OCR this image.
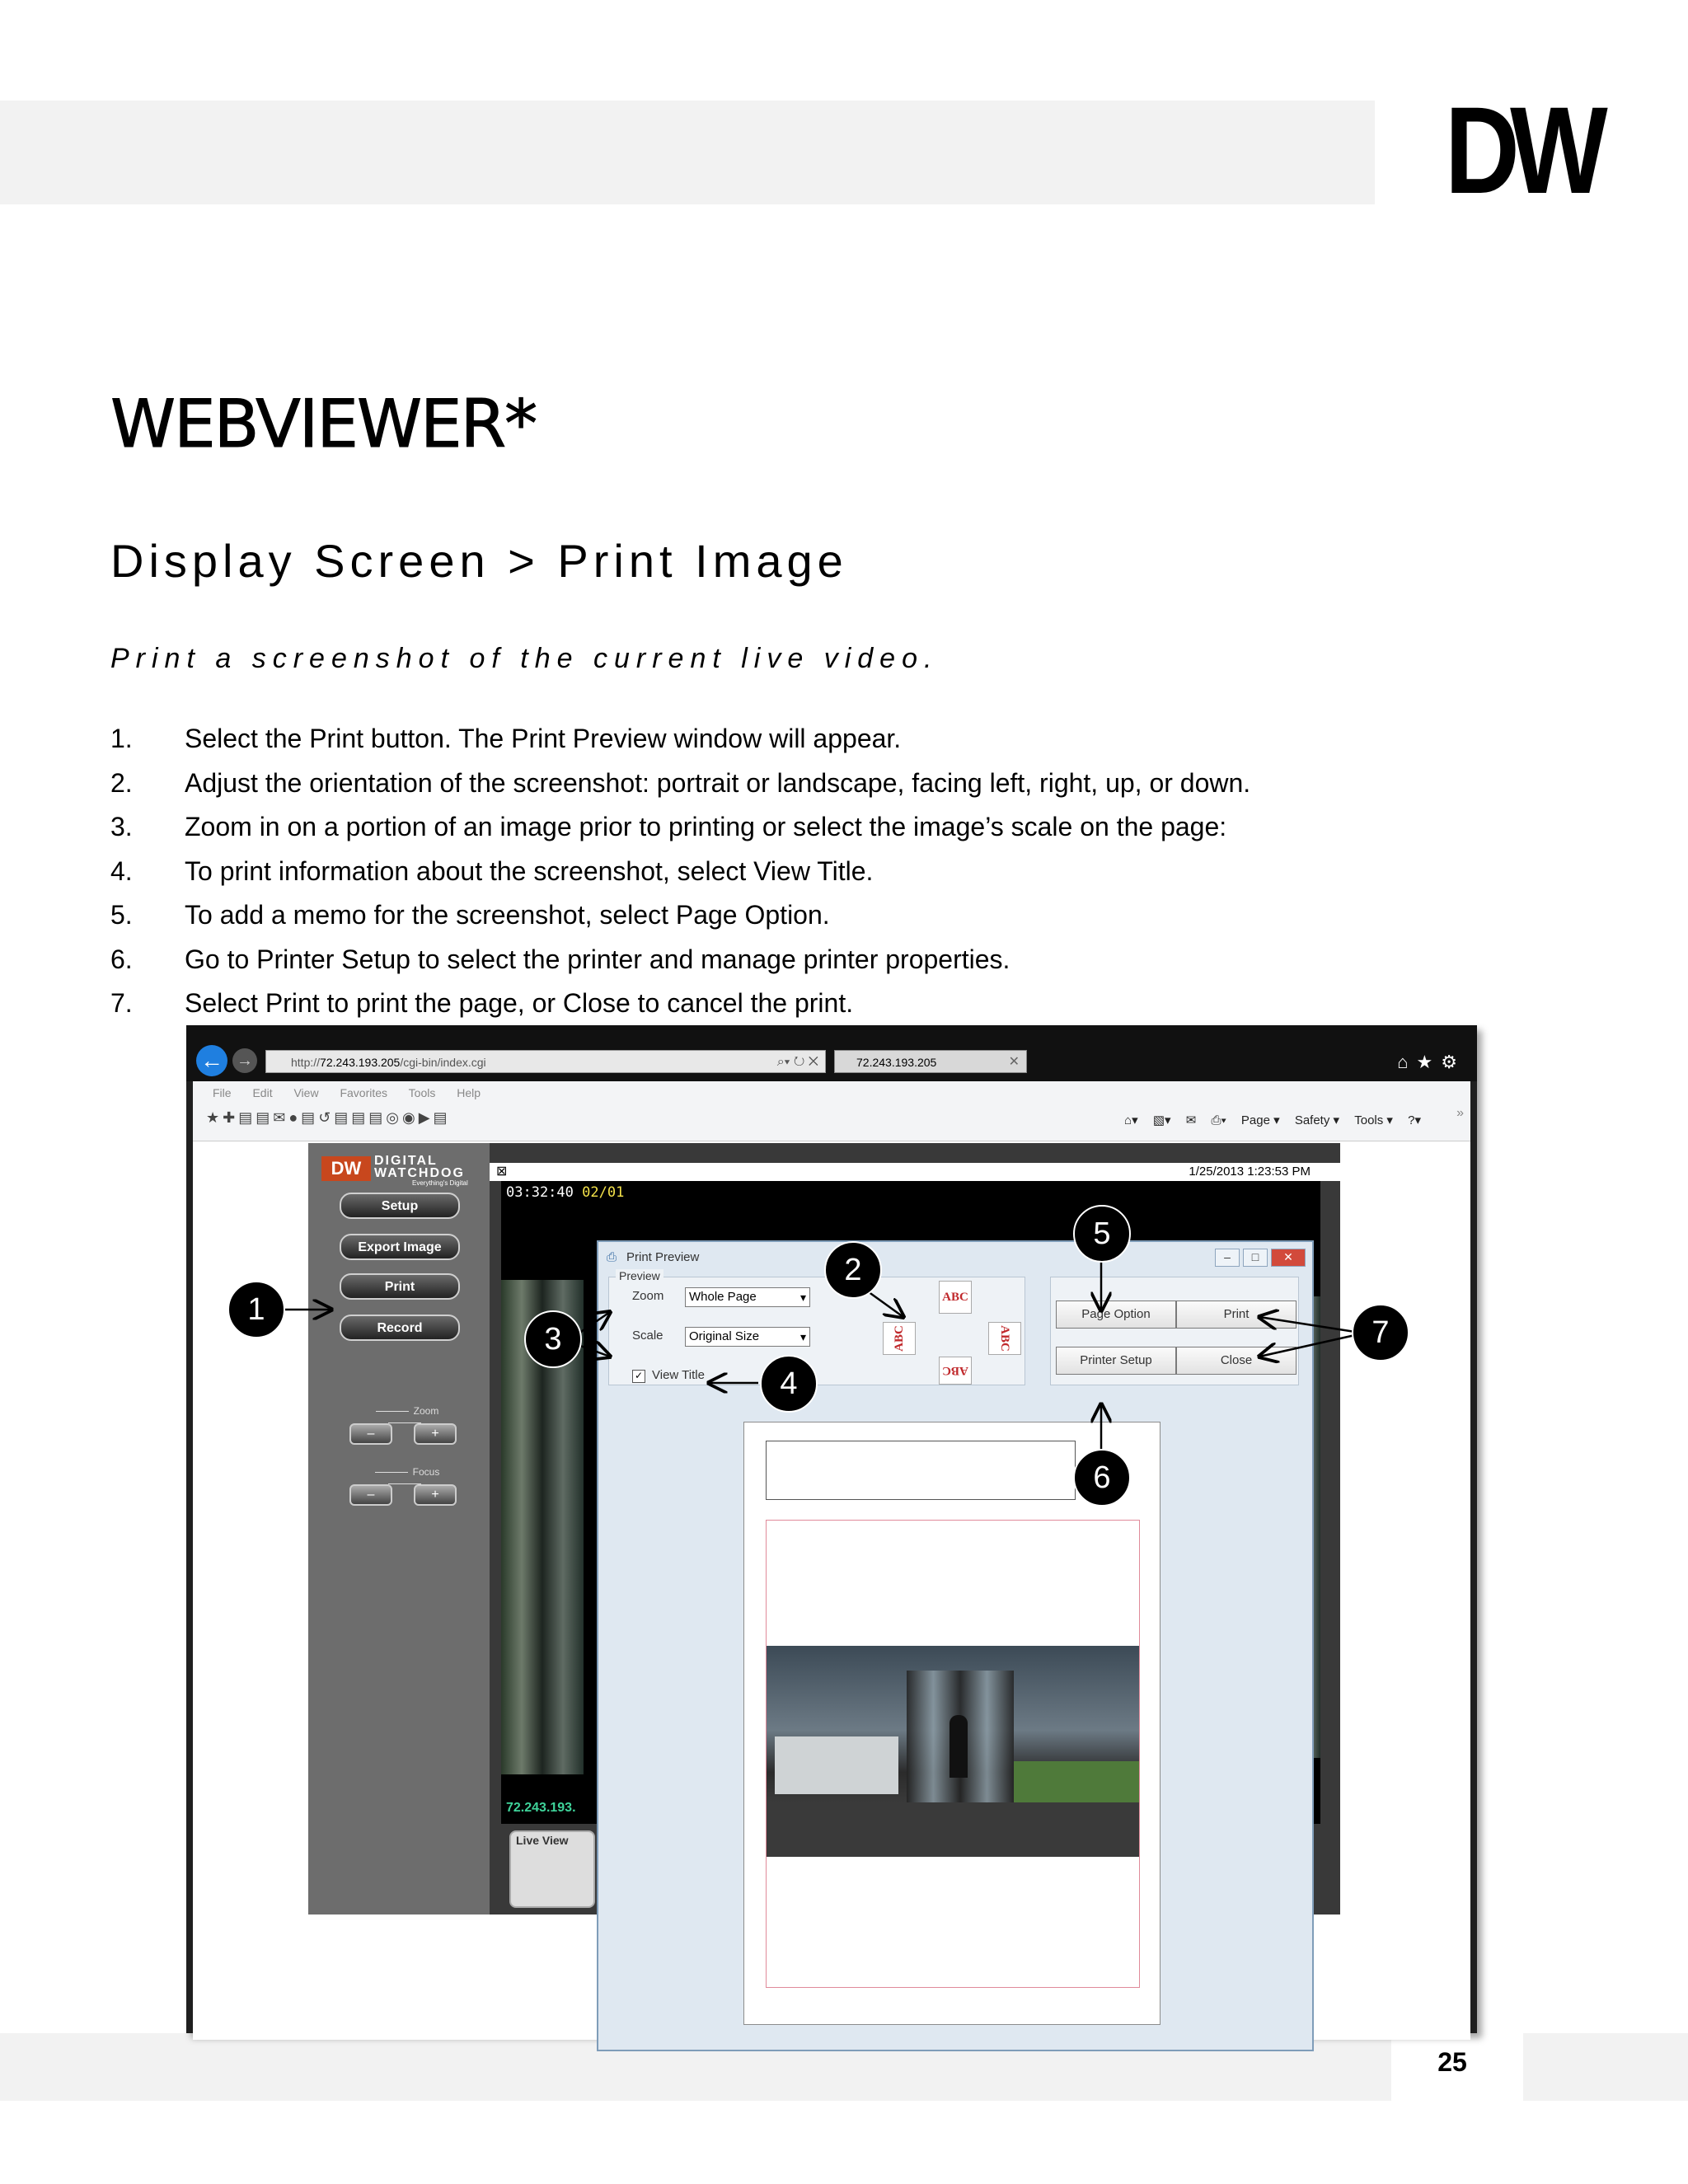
DW
25
WEBVIEWER*
Display Screen > Print Image
Print a screenshot of the current live video.
1.	Select the Print button. The Print Preview window will appear.
2.	Adjust the orientation of the screenshot: portrait or landscape, facing left, right, up, or down.
3.	Zoom in on a portion of an image prior to printing or select the image’s scale on the page:
4.	To print information about the screenshot, select View Title.
5.	To add a memo for the screenshot, select Page Option.
6.	Go to Printer Setup to select the printer and manage printer properties.
7.	Select Print to print the page, or Close to cancel the print.
← →	http://72.243.193.205/cgi-bin/index.cgi	⌕▾ ↻ ✕	72.243.193.205	✕	⌂★⚙
File Edit View Favorites Tools Help
★✚▤▤✉●▤↺▤▤▤◎◉▶▤	⌂▾ ▧▾ ✉ ⎙▾ Page ▾ Safety ▾ Tools ▾ ?▾
»
DW DIGITAL WATCHDOG
Everything's Digital
Setup
Export Image
Print
Record
Zoom
–	+
Focus
–	+
⊠	1/25/2013 1:23:53 PM
03:32:40 02/01
72.243.193.
Live View
⎙ Print Preview	– □ ✕
Preview
Zoom	Whole Page ▾
Scale	Original Size ▾
✓ View Title
ABC
ABC	ABC
ABC
Page Option	Print
Printer Setup	Close
1
2
3
4
5
6
7
